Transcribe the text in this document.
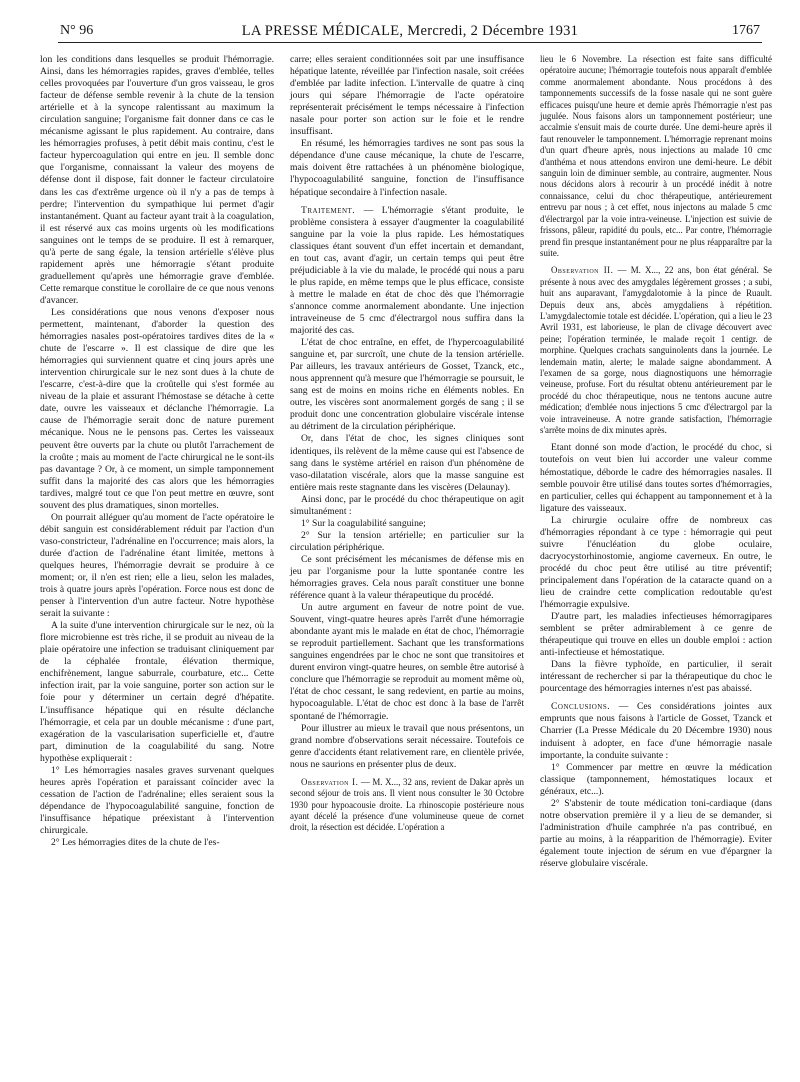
N° 96	LA PRESSE MÉDICALE, Mercredi, 2 Décembre 1931	1767

lon les conditions dans lesquelles se produit l'hémorragie. Ainsi, dans les hémorragies rapides, graves d'emblée, telles celles provoquées par l'ouverture d'un gros vaisseau, le gros facteur de défense semble revenir à la chute de la tension artérielle et à la syncope ralentissant au maximum la circulation sanguine; l'organisme fait donner dans ce cas le mécanisme agissant le plus rapidement. Au contraire, dans les hémorragies profuses, à petit débit mais continu, c'est le facteur hypercoagulation qui entre en jeu. Il semble donc que l'organisme, connaissant la valeur des moyens de défense dont il dispose, fait donner le facteur circulatoire dans les cas d'extrême urgence où il n'y a pas de temps à perdre; l'intervention du sympathique lui permet d'agir instantanément. Quant au facteur ayant trait à la coagulation, il est réservé aux cas moins urgents où les modifications sanguines ont le temps de se produire. Il est à remarquer, qu'à perte de sang égale, la tension artérielle s'élève plus rapidement après une hémorragie s'étant produite graduellement qu'après une hémorragie grave d'emblée. Cette remarque constitue le corollaire de ce que nous venons d'avancer.

Les considérations que nous venons d'exposer nous permettent, maintenant, d'aborder la question des hémorragies nasales post-opératoires tardives dites de la « chute de l'escarre ». Il est classique de dire que les hémorragies qui surviennent quatre et cinq jours après une intervention chirurgicale sur le nez sont dues à la chute de l'escarre, c'est-à-dire que la croûtelle qui s'est formée au niveau de la plaie et assurant l'hémostase se détache à cette date, ouvre les vaisseaux et déclanche l'hémorragie. La cause de l'hémorragie serait donc de nature purement mécanique. Nous ne le pensons pas. Certes les vaisseaux peuvent être ouverts par la chute ou plutôt l'arrachement de la croûte ; mais au moment de l'acte chirurgical ne le sont-ils pas davantage ? Or, à ce moment, un simple tamponnement suffit dans la majorité des cas alors que les hémorragies tardives, malgré tout ce que l'on peut mettre en œuvre, sont souvent des plus dramatiques, sinon mortelles.

On pourrait alléguer qu'au moment de l'acte opératoire le débit sanguin est considérablement réduit par l'action d'un vaso-constricteur, l'adrénaline en l'occurrence; mais alors, la durée d'action de l'adrénaline étant limitée, mettons à quelques heures, l'hémorragie devrait se produire à ce moment; or, il n'en est rien; elle a lieu, selon les malades, trois à quatre jours après l'opération. Force nous est donc de penser à l'intervention d'un autre facteur. Notre hypothèse serait la suivante :

A la suite d'une intervention chirurgicale sur le nez, où la flore microbienne est très riche, il se produit au niveau de la plaie opératoire une infection se traduisant cliniquement par de la céphalée frontale, élévation thermique, enchifrènement, langue saburrale, courbature, etc... Cette infection irait, par la voie sanguine, porter son action sur le foie pour y déterminer un certain degré d'hépatite. L'insuffisance hépatique qui en résulte déclanche l'hémorragie, et cela par un double mécanisme : d'une part, exagération de la vascularisation superficielle et, d'autre part, diminution de la coagulabilité du sang. Notre hypothèse expliquerait :

1° Les hémorragies nasales graves survenant quelques heures après l'opération et paraissant coïncider avec la cessation de l'action de l'adrénaline; elles seraient sous la dépendance de l'hypocoagulabilité sanguine, fonction de l'insuffisance hépatique préexistant à l'intervention chirurgicale.

2° Les hémorragies dites de la chute de l'es-

carre; elles seraient conditionnées soit par une insuffisance hépatique latente, réveillée par l'infection nasale, soit créées d'emblée par ladite infection. L'intervalle de quatre à cinq jours qui sépare l'hémorragie de l'acte opératoire représenterait précisément le temps nécessaire à l'infection nasale pour porter son action sur le foie et le rendre insuffisant.

En résumé, les hémorragies tardives ne sont pas sous la dépendance d'une cause mécanique, la chute de l'escarre, mais doivent être rattachées à un phénomène biologique, l'hypocoagulabilité sanguine, fonction de l'insuffisance hépatique secondaire à l'infection nasale.

Traitement. — L'hémorragie s'étant produite, le problème consistera à essayer d'augmenter la coagulabilité sanguine par la voie la plus rapide. Les hémostatiques classiques étant souvent d'un effet incertain et demandant, en tout cas, avant d'agir, un certain temps qui peut être préjudiciable à la vie du malade, le procédé qui nous a paru le plus rapide, en même temps que le plus efficace, consiste à mettre le malade en état de choc dès que l'hémorragie s'annonce comme anormalement abondante. Une injection intraveineuse de 5 cmc d'électrargol nous suffira dans la majorité des cas.

L'état de choc entraîne, en effet, de l'hypercoagulabilité sanguine et, par surcroît, une chute de la tension artérielle. Par ailleurs, les travaux antérieurs de Gosset, Tzanck, etc., nous apprennent qu'à mesure que l'hémorragie se poursuit, le sang est de moins en moins riche en éléments nobles. En outre, les viscères sont anormalement gorgés de sang ; il se produit donc une concentration globulaire viscérale intense au détriment de la circulation périphérique.

Or, dans l'état de choc, les signes cliniques sont identiques, ils relèvent de la même cause qui est l'absence de sang dans le système artériel en raison d'un phénomène de vaso-dilatation viscérale, alors que la masse sanguine est entière mais reste stagnante dans les viscères (Delaunay).

Ainsi donc, par le procédé du choc thérapeutique on agit simultanément :

1° Sur la coagulabilité sanguine;

2° Sur la tension artérielle; en particulier sur la circulation périphérique.

Ce sont précisément les mécanismes de défense mis en jeu par l'organisme pour la lutte spontanée contre les hémorragies graves. Cela nous paraît constituer une bonne référence quant à la valeur thérapeutique du procédé.

Un autre argument en faveur de notre point de vue. Souvent, vingt-quatre heures après l'arrêt d'une hémorragie abondante ayant mis le malade en état de choc, l'hémorragie se reproduit partiellement. Sachant que les transformations sanguines engendrées par le choc ne sont que transitoires et durent environ vingt-quatre heures, on semble être autorisé à conclure que l'hémorragie se reproduit au moment même où, l'état de choc cessant, le sang redevient, en partie au moins, hypocoagulable. L'état de choc est donc à la base de l'arrêt spontané de l'hémorragie.

Pour illustrer au mieux le travail que nous présentons, un grand nombre d'observations serait nécessaire. Toutefois ce genre d'accidents étant relativement rare, en clientèle privée, nous ne saurions en présenter plus de deux.

Observation I. — M. X..., 32 ans, revient de Dakar après un second séjour de trois ans. Il vient nous consulter le 30 Octobre 1930 pour hypoacousie droite. La rhinoscopie postérieure nous ayant décelé la présence d'une volumineuse queue de cornet droit, la résection est décidée. L'opération a

lieu le 6 Novembre. La résection est faite sans difficulté opératoire aucune; l'hémorragie toutefois nous apparaît d'emblée comme anormalement abondante. Nous procédons à des tamponnements successifs de la fosse nasale qui ne sont guère efficaces puisqu'une heure et demie après l'hémorragie n'est pas jugulée. Nous faisons alors un tamponnement postérieur; une accalmie s'ensuit mais de courte durée. Une demi-heure après il faut renouveler le tamponnement. L'hémorragie reprenant moins d'un quart d'heure après, nous injections au malade 10 cmc d'anthéma et nous attendons environ une demi-heure. Le débit sanguin loin de diminuer semble, au contraire, augmenter. Nous nous décidons alors à recourir à un procédé inédit à notre connaissance, celui du choc thérapeutique, antérieurement entrevu par nous ; à cet effet, nous injectons au malade 5 cmc d'électrargol par la voie intra-veineuse. L'injection est suivie de frissons, pâleur, rapidité du pouls, etc... Par contre, l'hémorragie prend fin presque instantanément pour ne plus réapparaître par la suite.

Observation II. — M. X..., 22 ans, bon état général. Se présente à nous avec des amygdales légèrement grosses ; a subi, huit ans auparavant, l'amygdalotomie à la pince de Ruault. Depuis deux ans, abcès amygdaliens à répétition. L'amygdalectomie totale est décidée. L'opération, qui a lieu le 23 Avril 1931, est laborieuse, le plan de clivage découvert avec peine; l'opération terminée, le malade reçoit 1 centigr. de morphine. Quelques crachats sanguinolents dans la journée. Le lendemain matin, alerte; le malade saigne abondamment. A l'examen de sa gorge, nous diagnostiquons une hémorragie veineuse, profuse. Fort du résultat obtenu antérieurement par le procédé du choc thérapeutique, nous ne tentons aucune autre médication; d'emblée nous injections 5 cmc d'électrargol par la voie intraveineuse. A notre grande satisfaction, l'hémorragie s'arrête moins de dix minutes après.

Etant donné son mode d'action, le procédé du choc, si toutefois on veut bien lui accorder une valeur comme hémostatique, déborde le cadre des hémorragies nasales. Il semble pouvoir être utilisé dans toutes sortes d'hémorragies, en particulier, celles qui échappent au tamponnement et à la ligature des vaisseaux.

La chirurgie oculaire offre de nombreux cas d'hémorragies répondant à ce type : hémorragie qui peut suivre l'énucléation du globe oculaire, dacryocystorhinostomie, angiome caverneux. En outre, le procédé du choc peut être utilisé au titre préventif; principalement dans l'opération de la cataracte quand on a lieu de craindre cette complication redoutable qu'est l'hémorragie expulsive.

D'autre part, les maladies infectieuses hémorragipares semblent se prêter admirablement à ce genre de thérapeutique qui trouve en elles un double emploi : action anti-infectieuse et hémostatique.

Dans la fièvre typhoïde, en particulier, il serait intéressant de rechercher si par la thérapeutique du choc le pourcentage des hémorragies internes n'est pas abaissé.

Conclusions. — Ces considérations jointes aux emprunts que nous faisons à l'article de Gosset, Tzanck et Charrier (La Presse Médicale du 20 Décembre 1930) nous induisent à adopter, en face d'une hémorragie nasale importante, la conduite suivante :

1° Commencer par mettre en œuvre la médication classique (tamponnement, hémostatiques locaux et généraux, etc...).

2° S'abstenir de toute médication toni-cardiaque (dans notre observation première il y a lieu de se demander, si l'administration d'huile camphrée n'a pas contribué, en partie au moins, à la réapparition de l'hémorragie). Eviter également toute injection de sérum en vue d'épargner la réserve globulaire viscérale.
